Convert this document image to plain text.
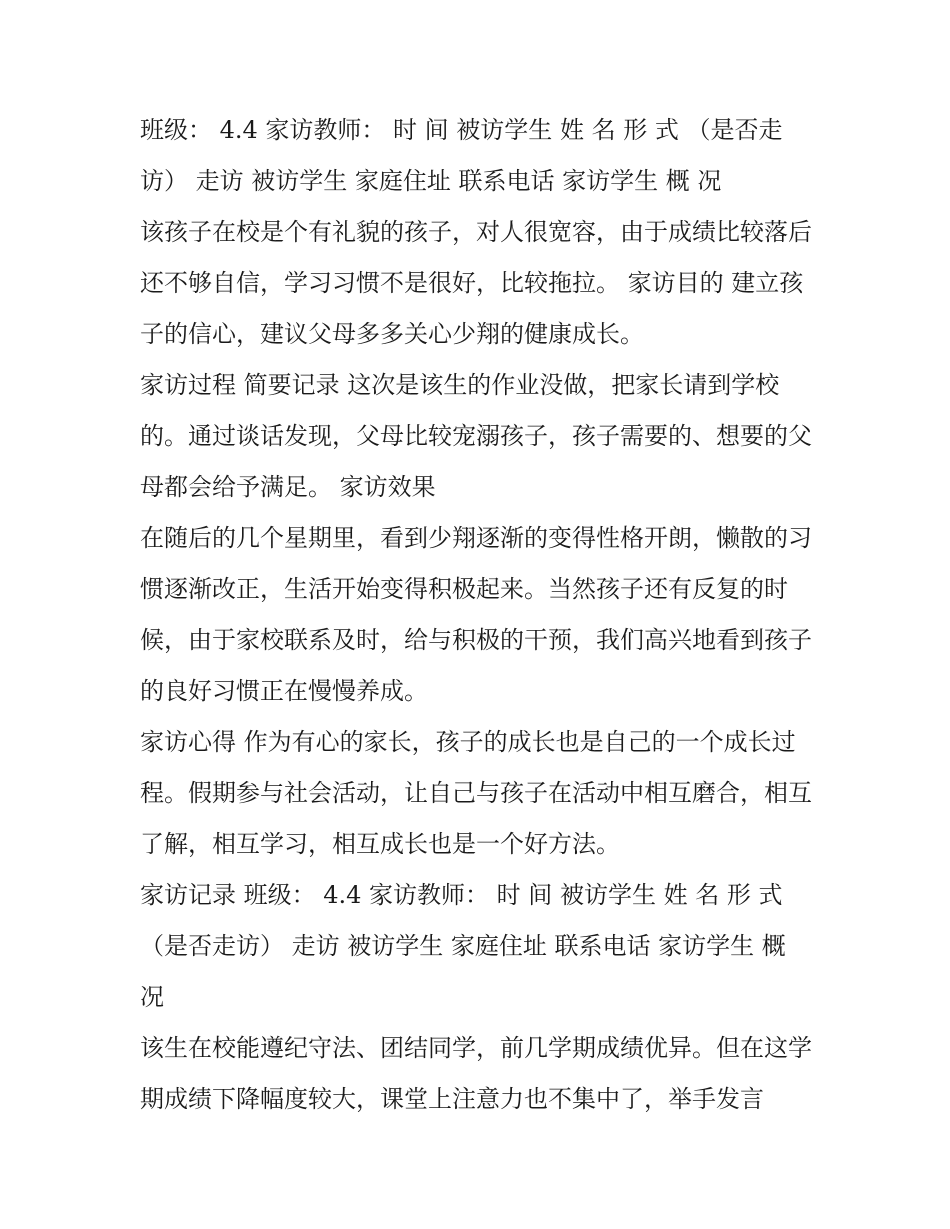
班级： 4.4 家访教师： 时 间 被访学生 姓 名 形 式 （是否走访） 走访 被访学生 家庭住址 联系电话 家访学生 概 况

该孩子在校是个有礼貌的孩子，对人很宽容，由于成绩比较落后还不够自信，学习习惯不是很好，比较拖拉。 家访目的 建立孩子的信心，建议父母多多关心少翔的健康成长。

家访过程 简要记录 这次是该生的作业没做，把家长请到学校的。通过谈话发现，父母比较宠溺孩子，孩子需要的、想要的父母都会给予满足。 家访效果

在随后的几个星期里，看到少翔逐渐的变得性格开朗，懒散的习惯逐渐改正，生活开始变得积极起来。当然孩子还有反复的时候，由于家校联系及时，给与积极的干预，我们高兴地看到孩子的良好习惯正在慢慢养成。

家访心得 作为有心的家长，孩子的成长也是自己的一个成长过程。假期参与社会活动，让自己与孩子在活动中相互磨合，相互了解，相互学习，相互成长也是一个好方法。

家访记录 班级： 4.4 家访教师： 时 间 被访学生 姓 名 形 式 （是否走访） 走访 被访学生 家庭住址 联系电话 家访学生 概 况

该生在校能遵纪守法、团结同学，前几学期成绩优异。但在这学期成绩下降幅度较大，课堂上注意力也不集中了，举手发言
